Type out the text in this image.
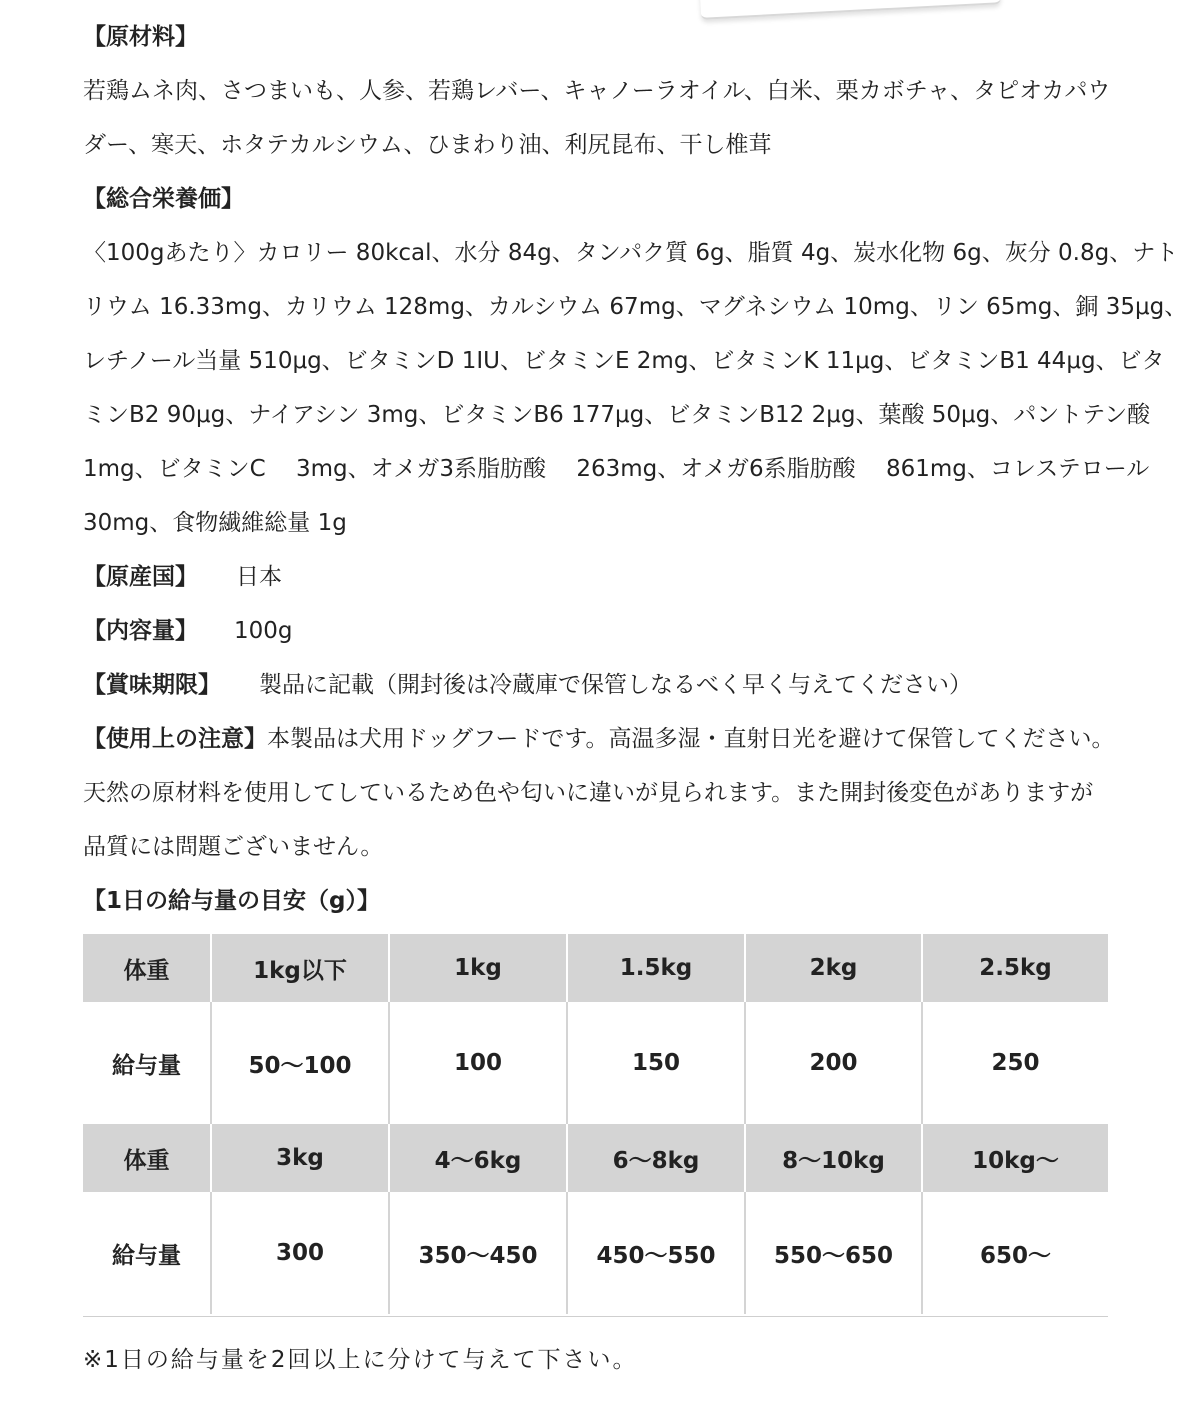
【原材料】
若鶏ムネ肉、さつまいも、人参、若鶏レバー、キャノーラオイル、白米、栗カボチャ、タピオカパウ
ダー、寒天、ホタテカルシウム、ひまわり油、利尻昆布、干し椎茸
【総合栄養価】
〈100gあたり〉カロリー 80kcal、水分 84g、タンパク質 6g、脂質 4g、炭水化物 6g、灰分 0.8g、ナト
リウム 16.33mg、カリウム 128mg、カルシウム 67mg、マグネシウム 10mg、リン 65mg、銅 35μg、
レチノール当量 510μg、ビタミンD 1IU、ビタミンE 2mg、ビタミンK 11μg、ビタミンB1 44μg、ビタ
ミンB2 90μg、ナイアシン 3mg、ビタミンB6 177μg、ビタミンB12 2μg、葉酸 50μg、パントテン酸
1mg、ビタミンC　 3mg、オメガ3系脂肪酸　 263mg、オメガ6系脂肪酸　 861mg、コレステロール
30mg、食物繊維総量 1g
【原産国】 日本
【内容量】 100g
【賞味期限】 製品に記載（開封後は冷蔵庫で保管しなるべく早く与えてください）
【使用上の注意】本製品は犬用ドッグフードです。高温多湿・直射日光を避けて保管してください。
天然の原材料を使用してしているため色や匂いに違いが見られます。また開封後変色がありますが
品質には問題ございません。
【1日の給与量の目安（g）】
体重	1kg以下	1kg	1.5kg	2kg	2.5kg
給与量	50〜100	100	150	200	250
体重	3kg	4〜6kg	6〜8kg	8〜10kg	10kg〜
給与量	300	350〜450	450〜550	550〜650	650〜
※1日の給与量を2回以上に分けて与えて下さい。
